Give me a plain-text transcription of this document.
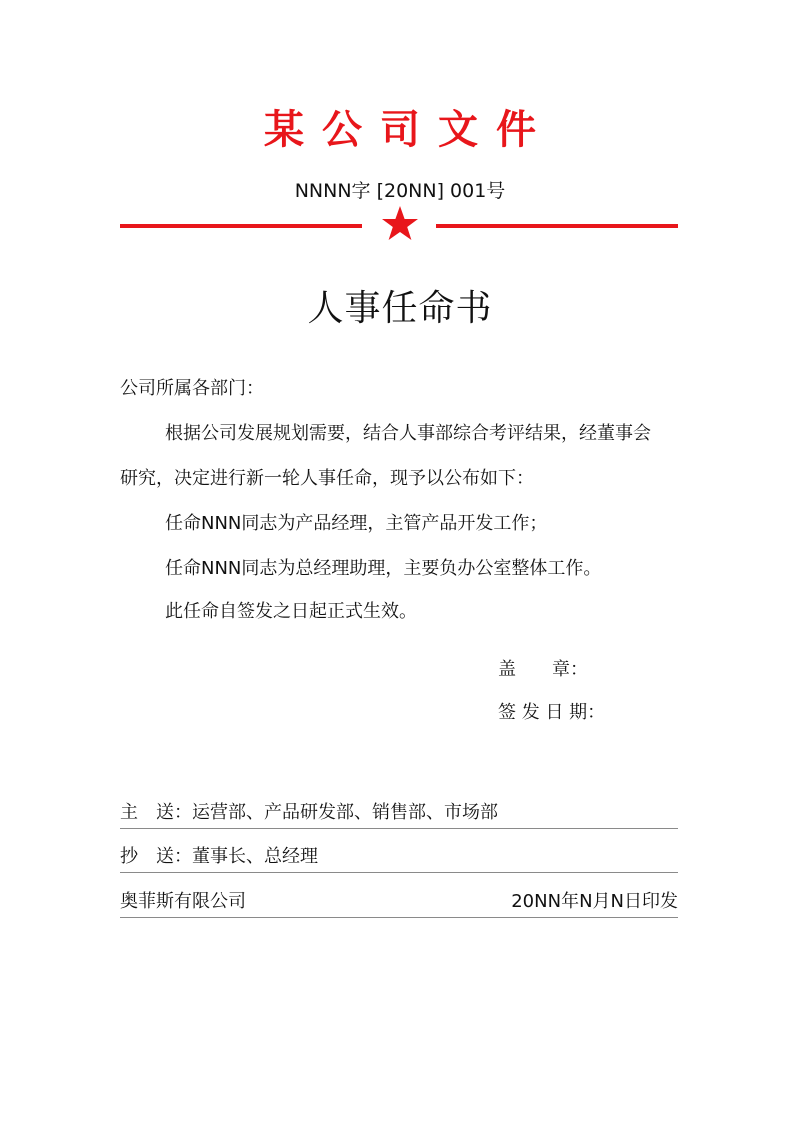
某公司文件
NNNN字 [20NN] 001号
人事任命书
公司所属各部门：
根据公司发展规划需要，结合人事部综合考评结果，经董事会
研究，决定进行新一轮人事任命，现予以公布如下：
任命NNN同志为产品经理，主管产品开发工作；
任命NNN同志为总经理助理，主要负办公室整体工作。
此任命自签发之日起正式生效。
盖　　章：
签 发 日 期：
主　送：运营部、产品研发部、销售部、市场部
抄　送：董事长、总经理
奥菲斯有限公司	20NN年N月N日印发
